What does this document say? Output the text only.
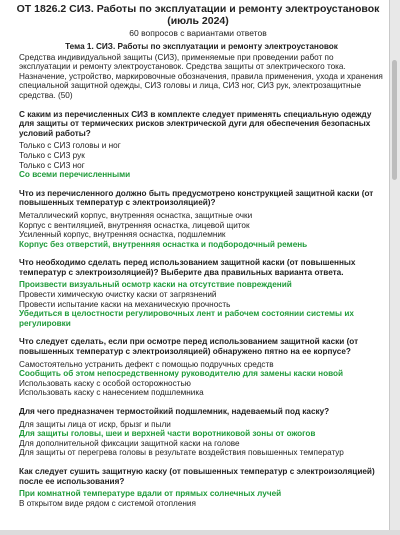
ОТ 1826.2 СИЗ. Работы по эксплуатации и ремонту электроустановок (июль 2024)
60 вопросов с вариантами ответов
Тема 1. СИЗ. Работы по эксплуатации и ремонту электроустановок
Средства индивидуальной защиты (СИЗ), применяемые при проведении работ по эксплуатации и ремонту электроустановок. Средства защиты от электрического тока. Назначение, устройство, маркировочные обозначения, правила применения, ухода и хранения специальной защитной одежды, СИЗ головы и лица, СИЗ ног, СИЗ рук, электрозащитные средства. (50)
С каким из перечисленных СИЗ в комплекте следует применять специальную одежду для защиты от термических рисков электрической дуги для обеспечения безопасных условий работы?
Только с СИЗ головы и ног
Только с СИЗ рук
Только с СИЗ ног
Со всеми перечисленными
Что из перечисленного должно быть предусмотрено конструкцией защитной каски (от повышенных температур с электроизоляцией)?
Металлический корпус, внутренняя оснастка, защитные очки
Корпус с вентиляцией, внутренняя оснастка, лицевой щиток
Усиленный корпус, внутренняя оснастка, подшлемник
Корпус без отверстий, внутренняя оснастка и подбородочный ремень
Что необходимо сделать перед использованием защитной каски (от повышенных температур с электроизоляцией)? Выберите два правильных варианта ответа.
Произвести визуальный осмотр каски на отсутствие повреждений
Провести химическую очистку каски от загрязнений
Провести испытание каски на механическую прочность
Убедиться в целостности регулировочных лент и рабочем состоянии системы их регулировки
Что следует сделать, если при осмотре перед использованием защитной каски (от повышенных температур с электроизоляцией) обнаружено пятно на ее корпусе?
Самостоятельно устранить дефект с помощью подручных средств
Сообщить об этом непосредственному руководителю для замены каски новой
Использовать каску с особой осторожностью
Использовать каску с нанесением подшлемника
Для чего предназначен термостойкий подшлемник, надеваемый под каску?
Для защиты лица от искр, брызг и пыли
Для защиты головы, шеи и верхней части воротниковой зоны от ожогов
Для дополнительной фиксации защитной каски на голове
Для защиты от перегрева головы в результате воздействия повышенных температур
Как следует сушить защитную каску (от повышенных температур с электроизоляцией) после ее использования?
При комнатной температуре вдали от прямых солнечных лучей
В открытом виде рядом с системой отопления
